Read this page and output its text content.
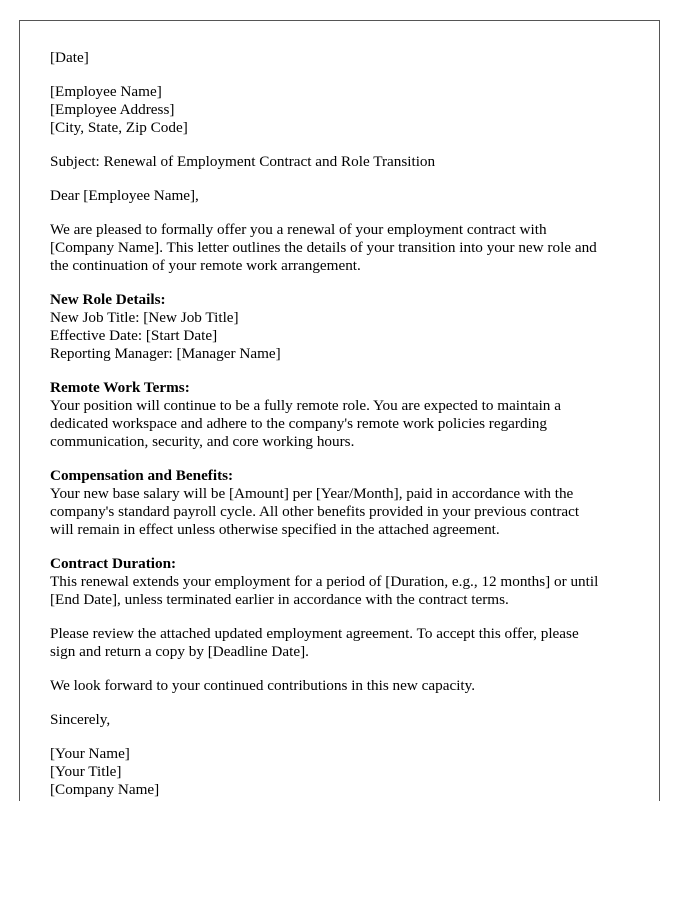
[Date]
[Employee Name]
[Employee Address]
[City, State, Zip Code]
Subject: Renewal of Employment Contract and Role Transition
Dear [Employee Name],
We are pleased to formally offer you a renewal of your employment contract with
[Company Name]. This letter outlines the details of your transition into your new role and
the continuation of your remote work arrangement.
New Role Details:
New Job Title: [New Job Title]
Effective Date: [Start Date]
Reporting Manager: [Manager Name]
Remote Work Terms:
Your position will continue to be a fully remote role. You are expected to maintain a
dedicated workspace and adhere to the company's remote work policies regarding
communication, security, and core working hours.
Compensation and Benefits:
Your new base salary will be [Amount] per [Year/Month], paid in accordance with the
company's standard payroll cycle. All other benefits provided in your previous contract
will remain in effect unless otherwise specified in the attached agreement.
Contract Duration:
This renewal extends your employment for a period of [Duration, e.g., 12 months] or until
[End Date], unless terminated earlier in accordance with the contract terms.
Please review the attached updated employment agreement. To accept this offer, please
sign and return a copy by [Deadline Date].
We look forward to your continued contributions in this new capacity.
Sincerely,
[Your Name]
[Your Title]
[Company Name]
